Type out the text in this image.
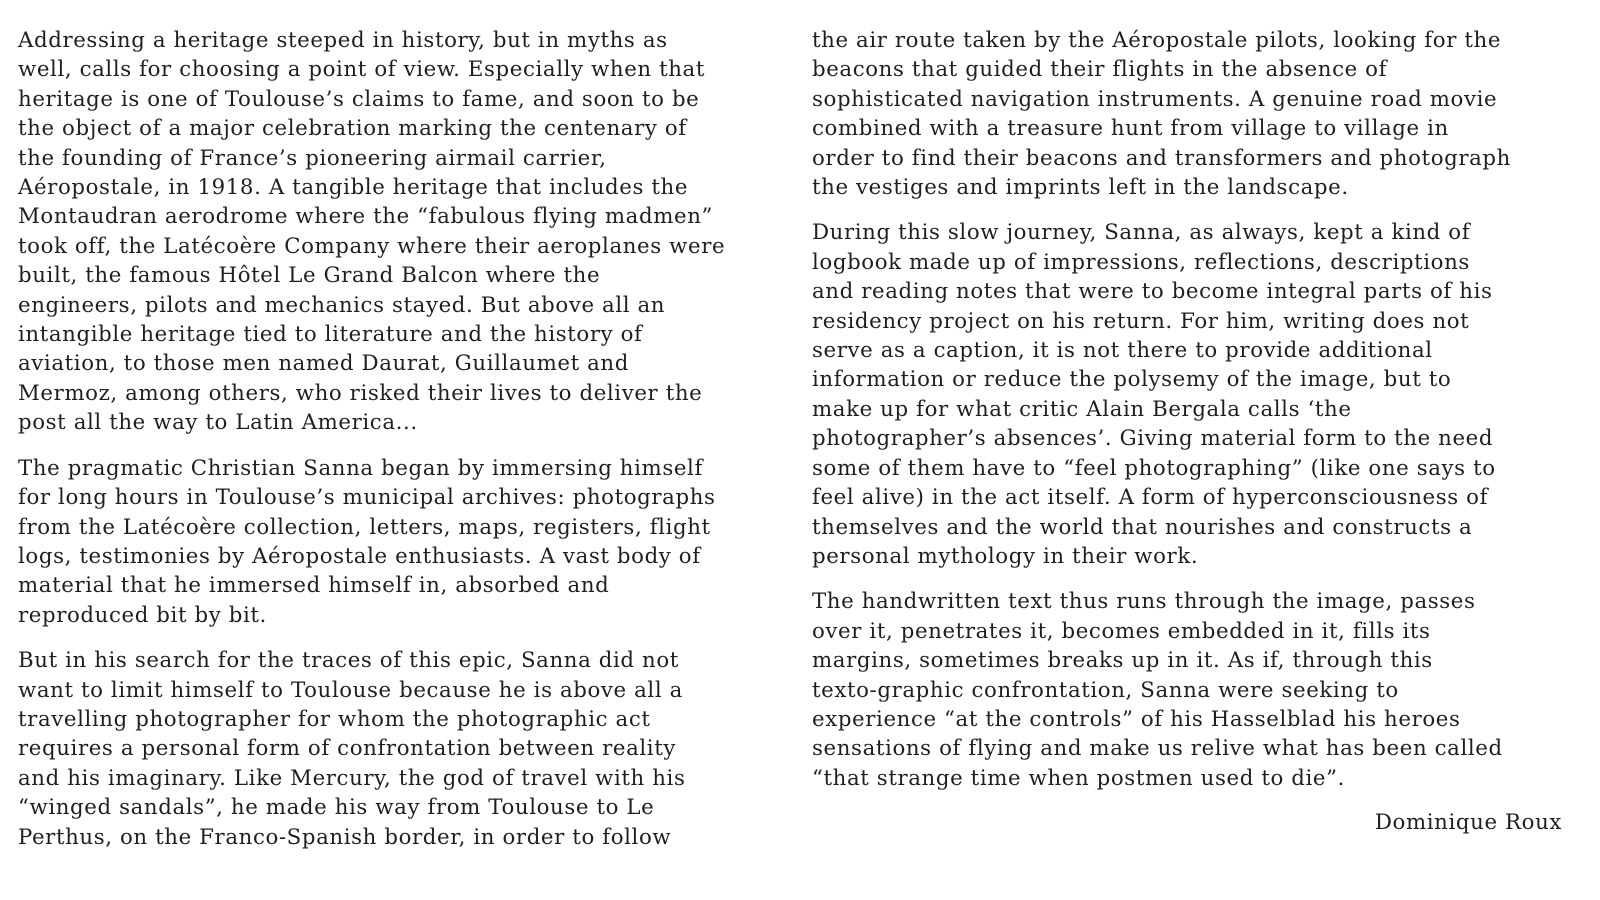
Addressing a heritage steeped in history, but in myths as
well, calls for choosing a point of view. Especially when that
heritage is one of Toulouse’s claims to fame, and soon to be
the object of a major celebration marking the centenary of
the founding of France’s pioneering airmail carrier,
Aéropostale, in 1918. A tangible heritage that includes the
Montaudran aerodrome where the “fabulous flying madmen”
took off, the Latécoère Company where their aeroplanes were
built, the famous Hôtel Le Grand Balcon where the
engineers, pilots and mechanics stayed. But above all an
intangible heritage tied to literature and the history of
aviation, to those men named Daurat, Guillaumet and
Mermoz, among others, who risked their lives to deliver the
post all the way to Latin America...

The pragmatic Christian Sanna began by immersing himself
for long hours in Toulouse’s municipal archives: photographs
from the Latécoère collection, letters, maps, registers, flight
logs, testimonies by Aéropostale enthusiasts. A vast body of
material that he immersed himself in, absorbed and
reproduced bit by bit.

But in his search for the traces of this epic, Sanna did not
want to limit himself to Toulouse because he is above all a
travelling photographer for whom the photographic act
requires a personal form of confrontation between reality
and his imaginary. Like Mercury, the god of travel with his
“winged sandals”, he made his way from Toulouse to Le
Perthus, on the Franco-Spanish border, in order to follow

the air route taken by the Aéropostale pilots, looking for the
beacons that guided their flights in the absence of
sophisticated navigation instruments. A genuine road movie
combined with a treasure hunt from village to village in
order to find their beacons and transformers and photograph
the vestiges and imprints left in the landscape.

During this slow journey, Sanna, as always, kept a kind of
logbook made up of impressions, reflections, descriptions
and reading notes that were to become integral parts of his
residency project on his return. For him, writing does not
serve as a caption, it is not there to provide additional
information or reduce the polysemy of the image, but to
make up for what critic Alain Bergala calls ‘the
photographer’s absences’. Giving material form to the need
some of them have to “feel photographing” (like one says to
feel alive) in the act itself. A form of hyperconsciousness of
themselves and the world that nourishes and constructs a
personal mythology in their work.

The handwritten text thus runs through the image, passes
over it, penetrates it, becomes embedded in it, fills its
margins, sometimes breaks up in it. As if, through this
texto-graphic confrontation, Sanna were seeking to
experience “at the controls” of his Hasselblad his heroes
sensations of flying and make us relive what has been called
“that strange time when postmen used to die”.

Dominique Roux
